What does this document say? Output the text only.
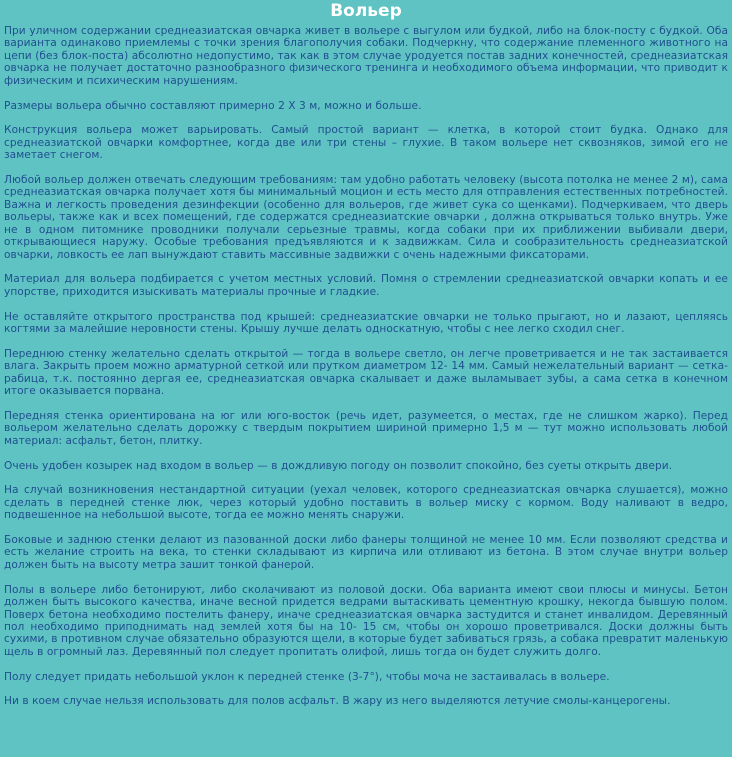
Вольер

При уличном содержании среднеазиатская овчарка живет в вольере с выгулом или будкой, либо на блок-посту с будкой. Оба варианта одинаково приемлемы с точки зрения благополучия собаки. Подчеркну, что содержание племенного животного на цепи (без блок-поста) абсолютно недопустимо, так как в этом случае уродуется постав задних конечностей, среднеазиатская овчарка не получает достаточно разнообразного физического тренинга и необходимого объема информации, что приводит к физическим и психическим нарушениям.

Размеры вольера обычно составляют примерно 2 Х 3 м, можно и больше.

Конструкция вольера может варьировать. Самый простой вариант — клетка, в которой стоит будка. Однако для среднеазиатской овчарки комфортнее, когда две или три стены – глухие. В таком вольере нет сквозняков, зимой его не заметает снегом.

Любой вольер должен отвечать следующим требованиям: там удобно работать человеку (высота потолка не менее 2 м), сама среднеазиатская овчарка получает хотя бы минимальный моцион и есть место для отправления естественных потребностей. Важна и легкость проведения дезинфекции (особенно для вольеров, где живет сука со щенками). Подчеркиваем, что дверь вольеры, также как и всех помещений, где содержатся среднеазиатские овчарки , должна открываться только внутрь. Уже не в одном питомнике проводники получали серьезные травмы, когда собаки при их приближении выбивали двери, открывающиеся наружу. Особые требования предъявляются и к задвижкам. Сила и сообразительность среднеазиатской овчарки, ловкость ее лап вынуждают ставить массивные задвижки с очень надежными фиксаторами.

Материал для вольера подбирается с учетом местных условий. Помня о стремлении среднеазиатской овчарки копать и ее упорстве, приходится изыскивать материалы прочные и гладкие.

Не оставляйте открытого пространства под крышей: среднеазиатские овчарки не только прыгают, но и лазают, цепляясь когтями за малейшие неровности стены. Крышу лучше делать односкатную, чтобы с нее легко сходил снег.

Переднюю стенку желательно сделать открытой — тогда в вольере светло, он легче проветривается и не так застаивается влага. Закрыть проем можно арматурной сеткой или прутком диаметром 12- 14 мм. Самый нежелательный вариант — сетка-рабица, т.к. постоянно дергая ее, среднеазиатская овчарка скалывает и даже выламывает зубы, а сама сетка в конечном итоге оказывается порвана.

Передняя стенка ориентирована на юг или юго-восток (речь идет, разумеется, о местах, где не слишком жарко). Перед вольером желательно сделать дорожку с твердым покрытием шириной примерно 1,5 м — тут можно использовать любой материал: асфальт, бетон, плитку.

Очень удобен козырек над входом в вольер — в дождливую погоду он позволит спокойно, без суеты открыть двери.

На случай возникновения нестандартной ситуации (уехал человек, которого среднеазиатская овчарка слушается), можно сделать в передней стенке люк, через который удобно поставить в вольер миску с кормом. Воду наливают в ведро, подвешенное на небольшой высоте, тогда ее можно менять снаружи.

Боковые и заднюю стенки делают из пазованной доски либо фанеры толщиной не менее 10 мм. Если позволяют средства и есть желание строить на века, то стенки складывают из кирпича или отливают из бетона. В этом случае внутри вольер должен быть на высоту метра зашит тонкой фанерой.

Полы в вольере либо бетонируют, либо сколачивают из половой доски. Оба варианта имеют свои плюсы и минусы. Бетон должен быть высокого качества, иначе весной придется ведрами вытаскивать цементную крошку, некогда бывшую полом. Поверх бетона необходимо постелить фанеру, иначе среднеазиатская овчарка застудится и станет инвалидом. Деревянный пол необходимо приподнимать над землей хотя бы на 10- 15 см, чтобы он хорошо проветривался. Доски должны быть сухими, в противном случае обязательно образуются щели, в которые будет забиваться грязь, а собака превратит маленькую щель в огромный лаз. Деревянный пол следует пропитать олифой, лишь тогда он будет служить долго.

Полу следует придать небольшой уклон к передней стенке (3-7°), чтобы моча не застаивалась в вольере.

Ни в коем случае нельзя использовать для полов асфальт. В жару из него выделяются летучие смолы-канцерогены.
